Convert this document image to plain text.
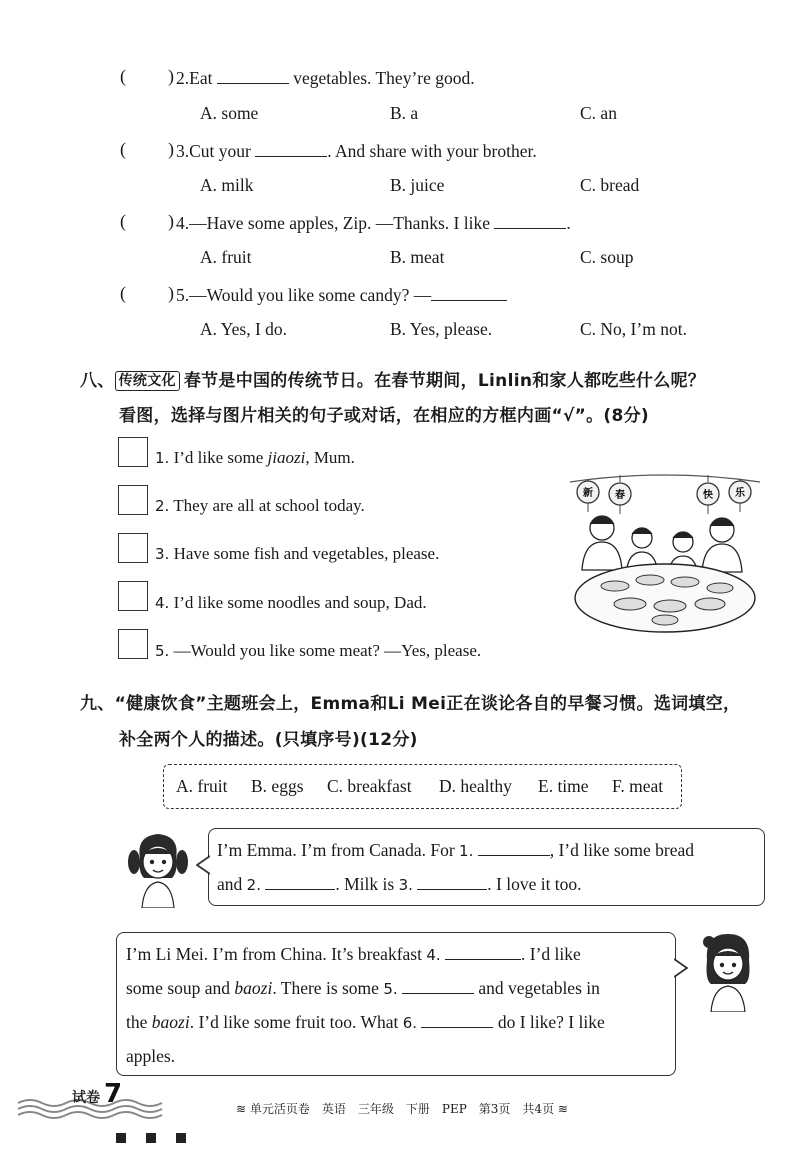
( ) 2.Eat	vegetables. They’re good.
A. some	B. a	C. an
( ) 3.Cut your	. And share with your brother.
A. milk	B. juice	C. bread
( ) 4.—Have some apples, Zip. —Thanks. I like	.
A. fruit	B. meat	C. soup
( ) 5.—Would you like some candy? —
A. Yes, I do.	B. Yes, please.	C. No, I’m not.
八、 传统文化 春节是中国的传统节日。在春节期间，Linlin和家人都吃些什么呢？
看图，选择与图片相关的句子或对话，在相应的方框内画“√”。(8分)
1. I’d like some jiaozi, Mum.
2. They are all at school today.
3. Have some fish and vegetables, please.
4. I’d like some noodles and soup, Dad.
5. —Would you like some meat? —Yes, please.
新 春	快 乐
九、“健康饮食”主题班会上，Emma和Li Mei正在谈论各自的早餐习惯。选词填空，
补全两个人的描述。(只填序号)(12分)
A. fruit B. eggs C. breakfast D. healthy E. time F. meat
I’m Emma. I’m from Canada. For 1.	, I’d like some bread
and 2.	. Milk is 3.	. I love it too.
I’m Li Mei. I’m from China. It’s breakfast 4.	. I’d like
some soup and baozi. There is some 5.	and vegetables in
the baozi. I’d like some fruit too. What 6.	do I like? I like
apples.
试卷 7	≋ 单元活页卷　英语　三年级　下册　PEP　第3页　共4页 ≋
